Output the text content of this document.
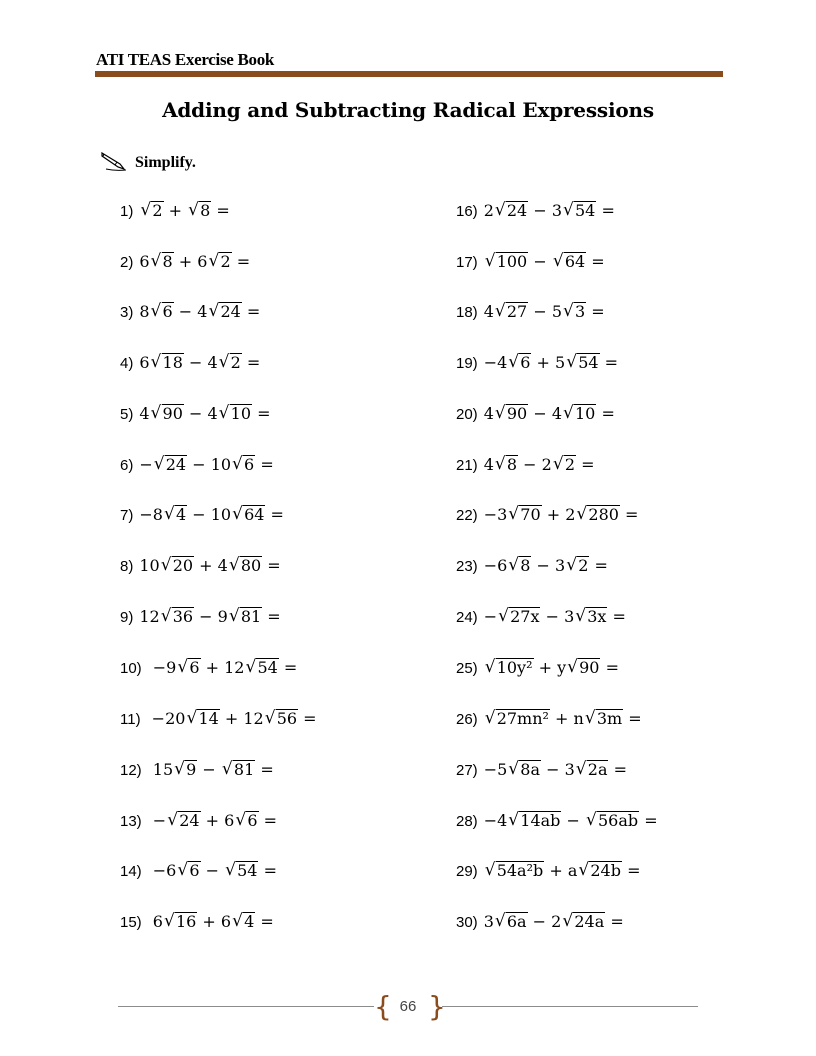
ATI TEAS Exercise Book
Adding and Subtracting Radical Expressions
Simplify.
1)	√ 2 + √ 8 =
2) 6 √ 8 + 6 √ 2 =
3) 8 √ 6 − 4 √ 24 =
4) 6 √ 18 − 4 √ 2 =
5) 4 √ 90 − 4 √ 10 =
6) − √ 24 − 10 √ 6 =
7) −8 √ 4 − 10 √ 64 =
8) 10 √ 20 + 4 √ 80 =
9) 12 √ 36 − 9 √ 81 =
10) −9 √ 6 + 12 √ 54 =
11) −20 √ 14 + 12 √ 56 =
12) 15 √ 9 − √ 81 =
13) − √ 24 + 6 √ 6 =
14) −6 √ 6 − √ 54 =
15) 6 √ 16 + 6 √ 4 =
16) 2 √ 24 − 3 √ 54 =
17)	√ 100 − √ 64 =
18) 4 √ 27 − 5 √ 3 =
19) −4 √ 6 + 5 √ 54 =
20) 4 √ 90 − 4 √ 10 =
21) 4 √ 8 − 2 √ 2 =
22) −3 √ 70 + 2 √ 280 =
23) −6 √ 8 − 3 √ 2 =
24) − √ 27x − 3 √ 3x =
25)	√ 10y² + y √ 90 =
26)	√ 27mn² + n √ 3m =
27) −5 √ 8a − 3 √ 2a =
28) −4 √ 14ab − √ 56ab =
29)	√ 54a²b + a √ 24b =
30) 3 √ 6a − 2 √ 24a =
{ }
66
